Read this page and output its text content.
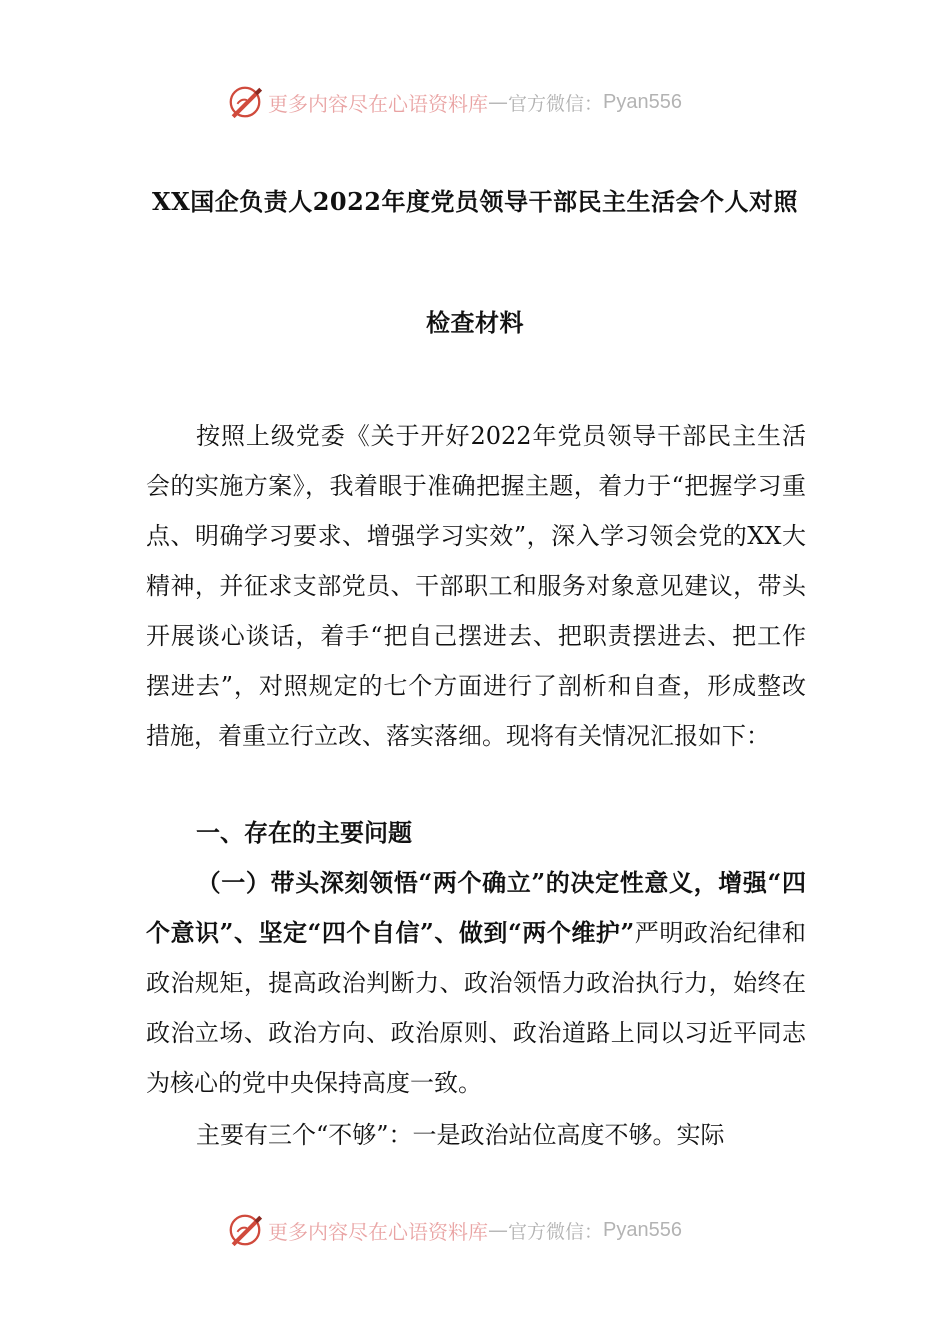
更多内容尽在心语资料库 — 官方微信： Pyan556
XX国企负责人2022年度党员领导干部民主生活会个人对照
检查材料

按照上级党委《关于开好2022年党员领导干部民主生活会的实施方案》，我着眼于准确把握主题，着力于“把握学习重点、明确学习要求、增强学习实效”，深入学习领会党的XX大精神，并征求支部党员、干部职工和服务对象意见建议，带头开展谈心谈话，着手“把自己摆进去、把职责摆进去、把工作摆进去”，对照规定的七个方面进行了剖析和自查，形成整改措施，着重立行立改、落实落细。现将有关情况汇报如下：

一、存在的主要问题

（一）带头深刻领悟“两个确立”的决定性意义，增强“四个意识”、坚定“四个自信”、做到“两个维护”严明政治纪律和政治规矩，提高政治判断力、政治领悟力政治执行力，始终在政治立场、政治方向、政治原则、政治道路上同以习近平同志为核心的党中央保持高度一致。

主要有三个“不够”：一是政治站位高度不够。实际

更多内容尽在心语资料库 — 官方微信： Pyan556
